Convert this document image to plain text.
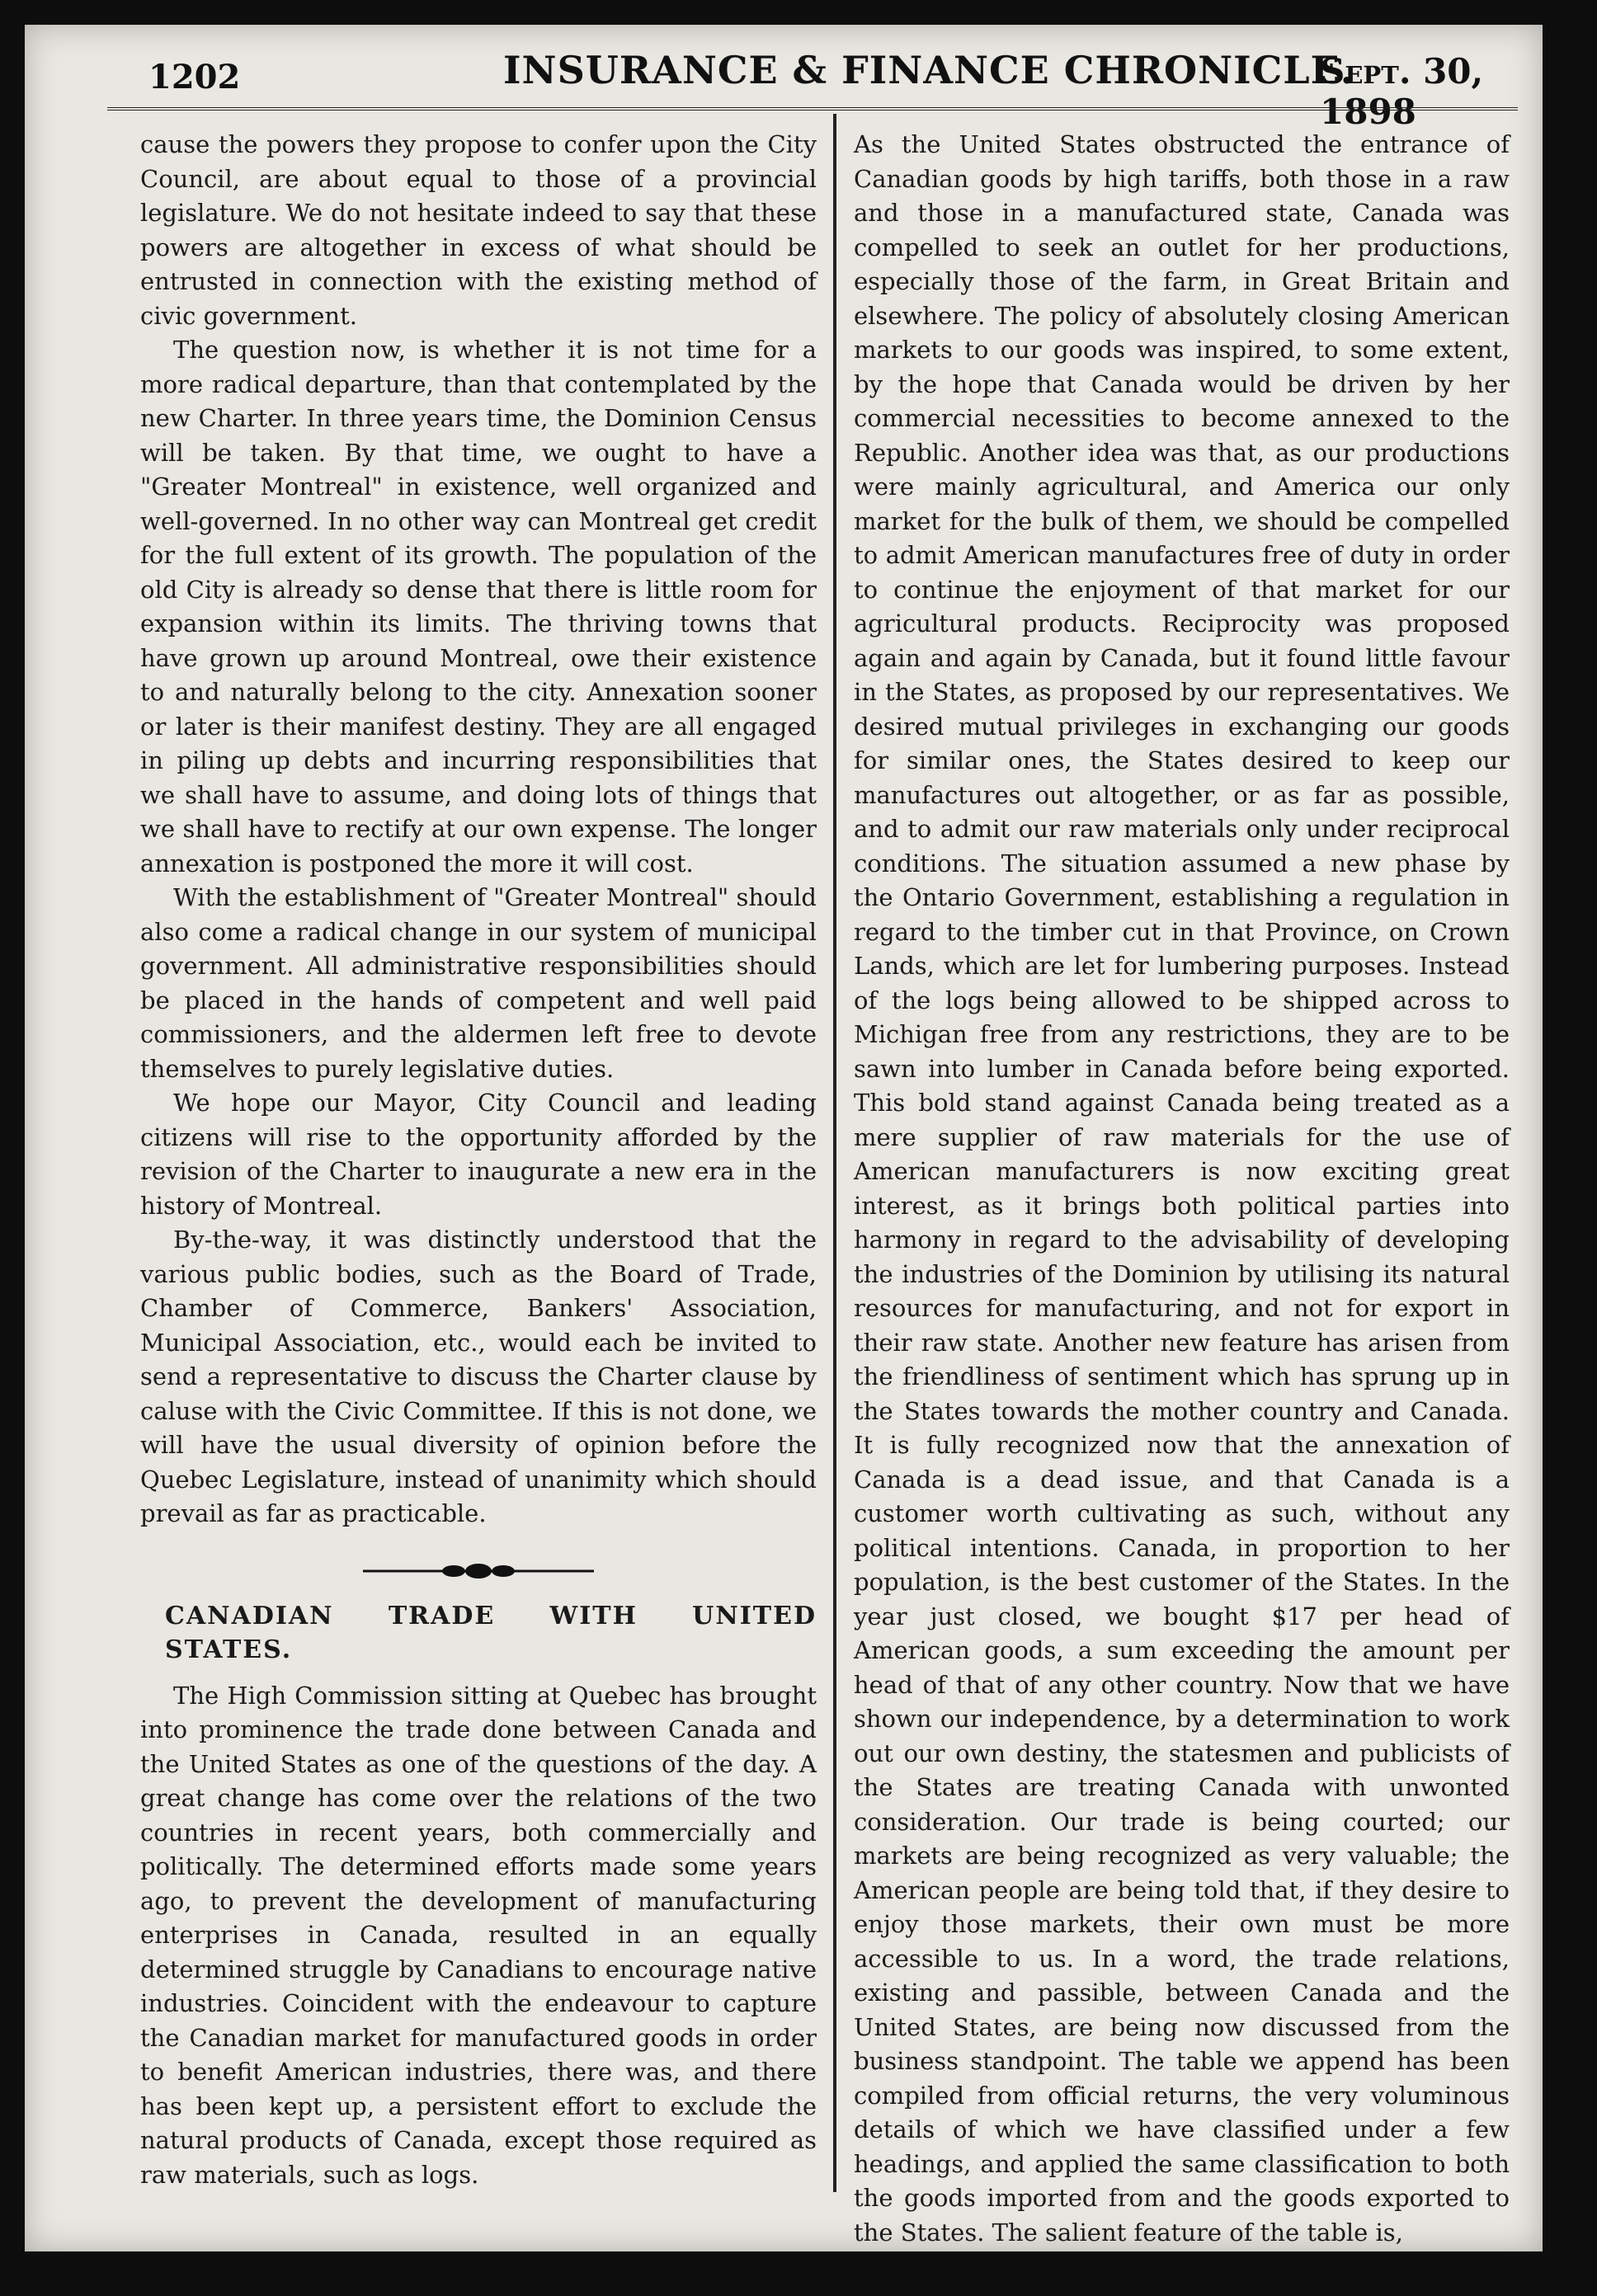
1202	INSURANCE & FINANCE CHRONICLE.
Sept. 30, 1898

cause the powers they propose to confer upon the City Council, are about equal to those of a provincial legislature. We do not hesitate indeed to say that these powers are altogether in excess of what should be entrusted in connection with the existing method of civic government.

The question now, is whether it is not time for a more radical departure, than that contemplated by the new Charter. In three years time, the Dominion Census will be taken. By that time, we ought to have a "Greater Montreal" in existence, well organized and well-governed. In no other way can Montreal get credit for the full extent of its growth. The population of the old City is already so dense that there is little room for expansion within its limits. The thriving towns that have grown up around Montreal, owe their existence to and naturally belong to the city. Annexation sooner or later is their manifest destiny. They are all engaged in piling up debts and incurring responsibilities that we shall have to assume, and doing lots of things that we shall have to rectify at our own expense. The longer annexation is postponed the more it will cost.

With the establishment of "Greater Montreal" should also come a radical change in our system of municipal government. All administrative responsibilities should be placed in the hands of competent and well paid commissioners, and the aldermen left free to devote themselves to purely legislative duties.

We hope our Mayor, City Council and leading citizens will rise to the opportunity afforded by the revision of the Charter to inaugurate a new era in the history of Montreal.

By-the-way, it was distinctly understood that the various public bodies, such as the Board of Trade, Chamber of Commerce, Bankers' Association, Municipal Association, etc., would each be invited to send a representative to discuss the Charter clause by caluse with the Civic Committee. If this is not done, we will have the usual diversity of opinion before the Quebec Legislature, instead of unanimity which should prevail as far as practicable.

CANADIAN TRADE WITH UNITED STATES.

The High Commission sitting at Quebec has brought into prominence the trade done between Canada and the United States as one of the questions of the day. A great change has come over the relations of the two countries in recent years, both commercially and politically. The determined efforts made some years ago, to prevent the development of manufacturing enterprises in Canada, resulted in an equally determined struggle by Canadians to encourage native industries. Coincident with the endeavour to capture the Canadian market for manufactured goods in order to benefit American industries, there was, and there has been kept up, a persistent effort to exclude the natural products of Canada, except those required as raw materials, such as logs.

As the United States obstructed the entrance of Canadian goods by high tariffs, both those in a raw and those in a manufactured state, Canada was compelled to seek an outlet for her productions, especially those of the farm, in Great Britain and elsewhere. The policy of absolutely closing American markets to our goods was inspired, to some extent, by the hope that Canada would be driven by her commercial necessities to become annexed to the Republic. Another idea was that, as our productions were mainly agricultural, and America our only market for the bulk of them, we should be compelled to admit American manufactures free of duty in order to continue the enjoyment of that market for our agricultural products. Reciprocity was proposed again and again by Canada, but it found little favour in the States, as proposed by our representatives. We desired mutual privileges in exchanging our goods for similar ones, the States desired to keep our manufactures out altogether, or as far as possible, and to admit our raw materials only under reciprocal conditions. The situation assumed a new phase by the Ontario Government, establishing a regulation in regard to the timber cut in that Province, on Crown Lands, which are let for lumbering purposes. Instead of the logs being allowed to be shipped across to Michigan free from any restrictions, they are to be sawn into lumber in Canada before being exported. This bold stand against Canada being treated as a mere supplier of raw materials for the use of American manufacturers is now exciting great interest, as it brings both political parties into harmony in regard to the advisability of developing the industries of the Dominion by utilising its natural resources for manufacturing, and not for export in their raw state. Another new feature has arisen from the friendliness of sentiment which has sprung up in the States towards the mother country and Canada. It is fully recognized now that the annexation of Canada is a dead issue, and that Canada is a customer worth cultivating as such, without any political intentions. Canada, in proportion to her population, is the best customer of the States. In the year just closed, we bought $17 per head of American goods, a sum exceeding the amount per head of that of any other country. Now that we have shown our independence, by a determination to work out our own destiny, the statesmen and publicists of the States are treating Canada with unwonted consideration. Our trade is being courted; our markets are being recognized as very valuable; the American people are being told that, if they desire to enjoy those markets, their own must be more accessible to us. In a word, the trade relations, existing and passible, between Canada and the United States, are being now discussed from the business standpoint. The table we append has been compiled from official returns, the very voluminous details of which we have classified under a few headings, and applied the same classification to both the goods imported from and the goods exported to the States. The salient feature of the table is,
